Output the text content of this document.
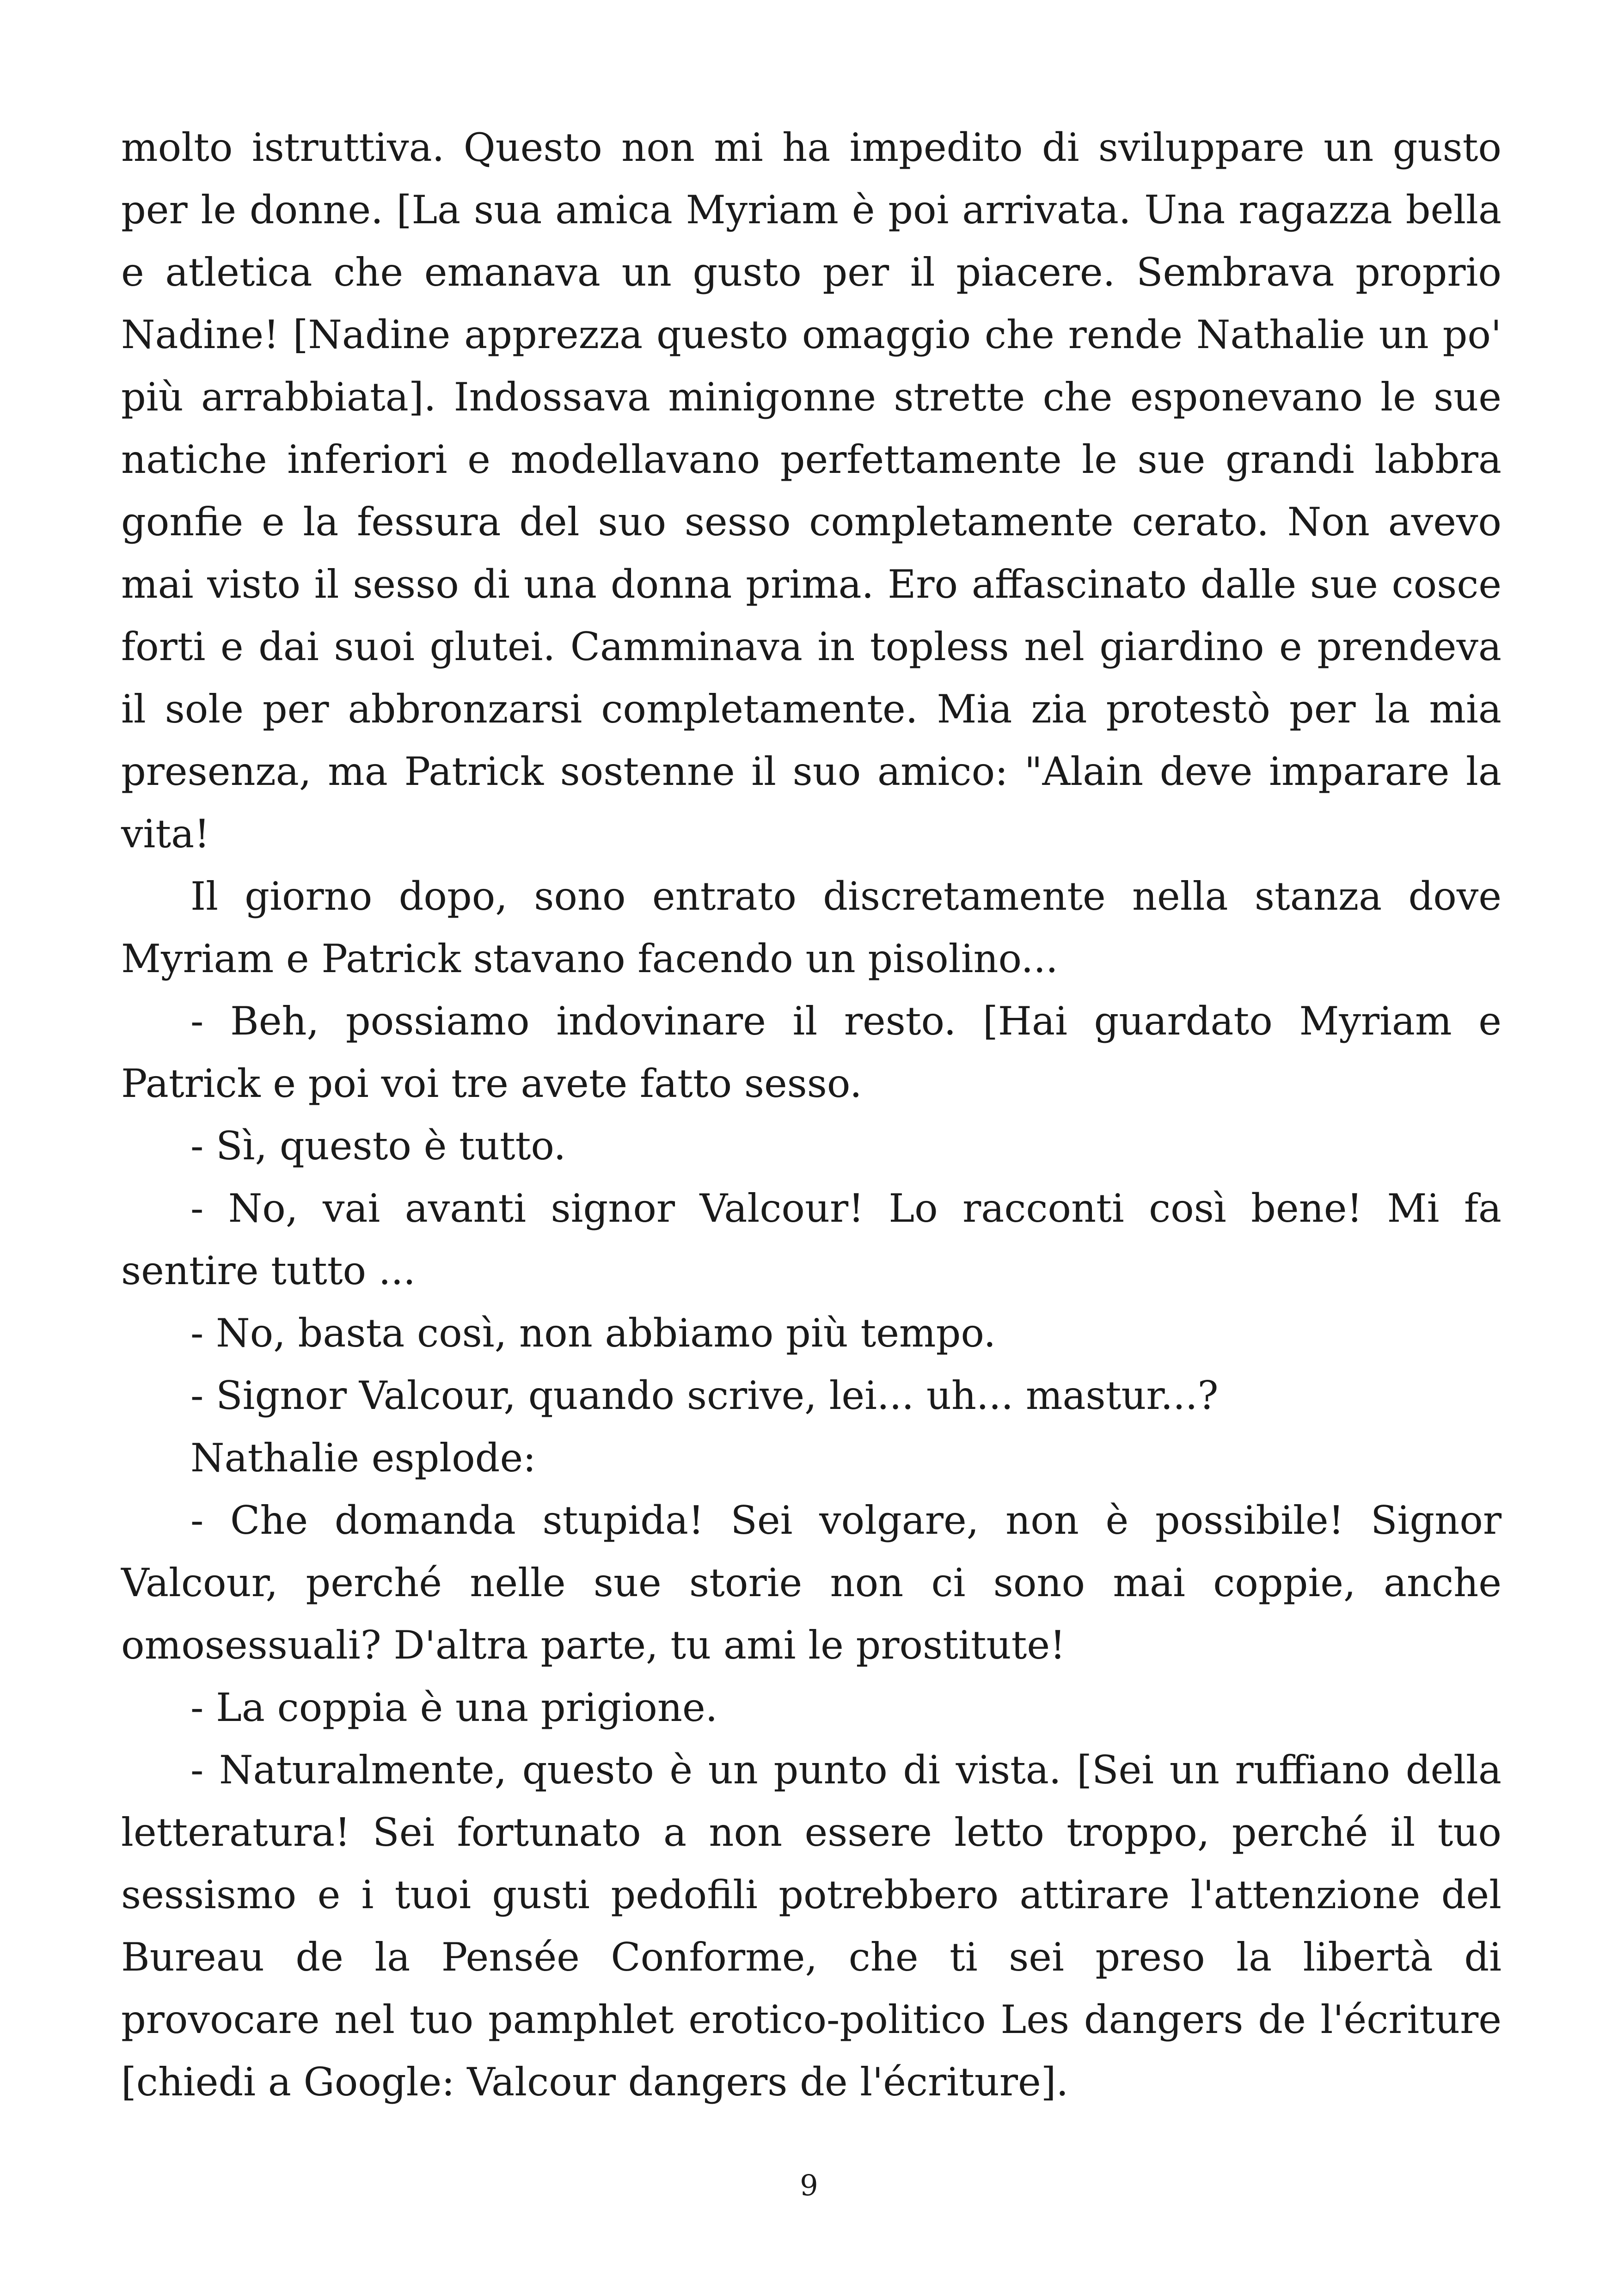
molto istruttiva. Questo non mi ha impedito di sviluppare un gusto per le donne. [La sua amica Myriam è poi arrivata. Una ragazza bella e atletica che emanava un gusto per il piacere. Sembrava proprio Nadine! [Nadine apprezza questo omaggio che rende Nathalie un po' più arrabbiata]. Indossava minigonne strette che esponevano le sue natiche inferiori e modellavano perfettamente le sue grandi labbra gonfie e la fessura del suo sesso completamente cerato. Non avevo mai visto il sesso di una donna prima. Ero affascinato dalle sue cosce forti e dai suoi glutei. Camminava in topless nel giardino e prendeva il sole per abbronzarsi completamente. Mia zia protestò per la mia presenza, ma Patrick sostenne il suo amico: "Alain deve imparare la vita!

Il giorno dopo, sono entrato discretamente nella stanza dove Myriam e Patrick stavano facendo un pisolino...

- Beh, possiamo indovinare il resto. [Hai guardato Myriam e Patrick e poi voi tre avete fatto sesso.

- Sì, questo è tutto.

- No, vai avanti signor Valcour! Lo racconti così bene! Mi fa sentire tutto ...

- No, basta così, non abbiamo più tempo.

- Signor Valcour, quando scrive, lei... uh... mastur...?

Nathalie esplode:

- Che domanda stupida! Sei volgare, non è possibile! Signor Valcour, perché nelle sue storie non ci sono mai coppie, anche omosessuali? D'altra parte, tu ami le prostitute!

- La coppia è una prigione.

- Naturalmente, questo è un punto di vista. [Sei un ruffiano della letteratura! Sei fortunato a non essere letto troppo, perché il tuo sessismo e i tuoi gusti pedofili potrebbero attirare l'attenzione del Bureau de la Pensée Conforme, che ti sei preso la libertà di provocare nel tuo pamphlet erotico-politico Les dangers de l'écriture [chiedi a Google: Valcour dangers de l'écriture].

9
